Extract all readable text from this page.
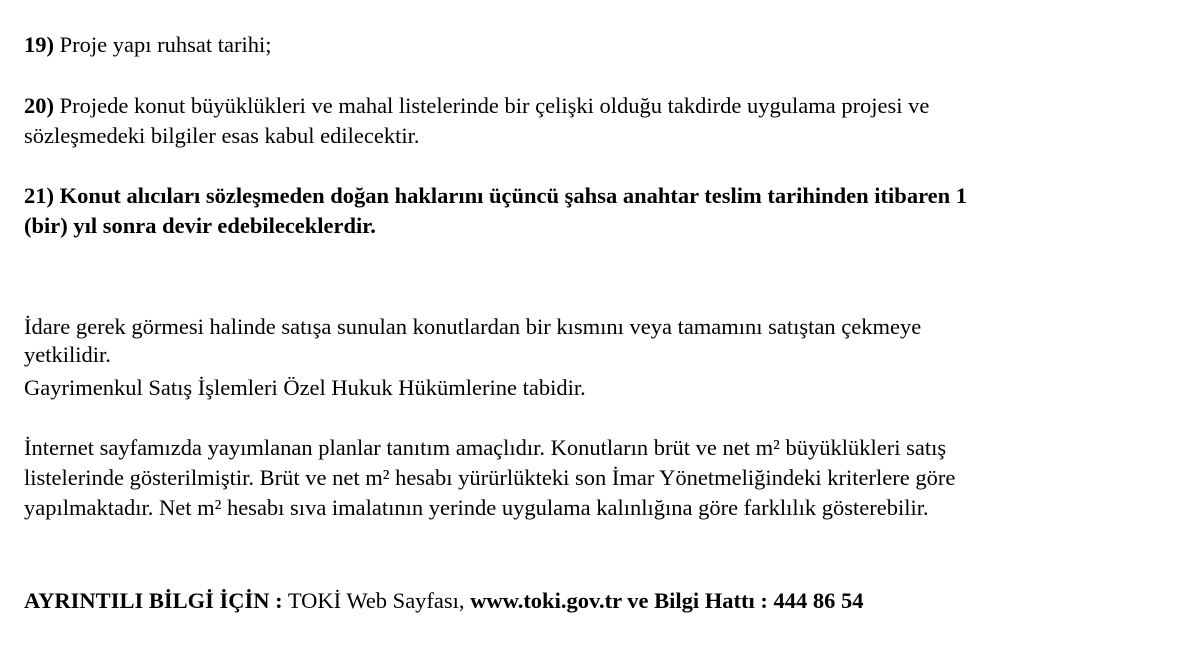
19) Proje yapı ruhsat tarihi;
20) Projede konut büyüklükleri ve mahal listelerinde bir çelişki olduğu takdirde uygulama projesi ve
sözleşmedeki bilgiler esas kabul edilecektir.
21) Konut alıcıları sözleşmeden doğan haklarını üçüncü şahsa anahtar teslim tarihinden itibaren 1
(bir) yıl sonra devir edebileceklerdir.
İdare gerek görmesi halinde satışa sunulan konutlardan bir kısmını veya tamamını satıştan çekmeye
yetkilidir.
Gayrimenkul Satış İşlemleri Özel Hukuk Hükümlerine tabidir.
İnternet sayfamızda yayımlanan planlar tanıtım amaçlıdır. Konutların brüt ve net m² büyüklükleri satış
listelerinde gösterilmiştir. Brüt ve net m² hesabı yürürlükteki son İmar Yönetmeliğindeki kriterlere göre
yapılmaktadır. Net m² hesabı sıva imalatının yerinde uygulama kalınlığına göre farklılık gösterebilir.
AYRINTILI BİLGİ İÇİN : TOKİ Web Sayfası, www.toki.gov.tr ve Bilgi Hattı : 444 86 54
